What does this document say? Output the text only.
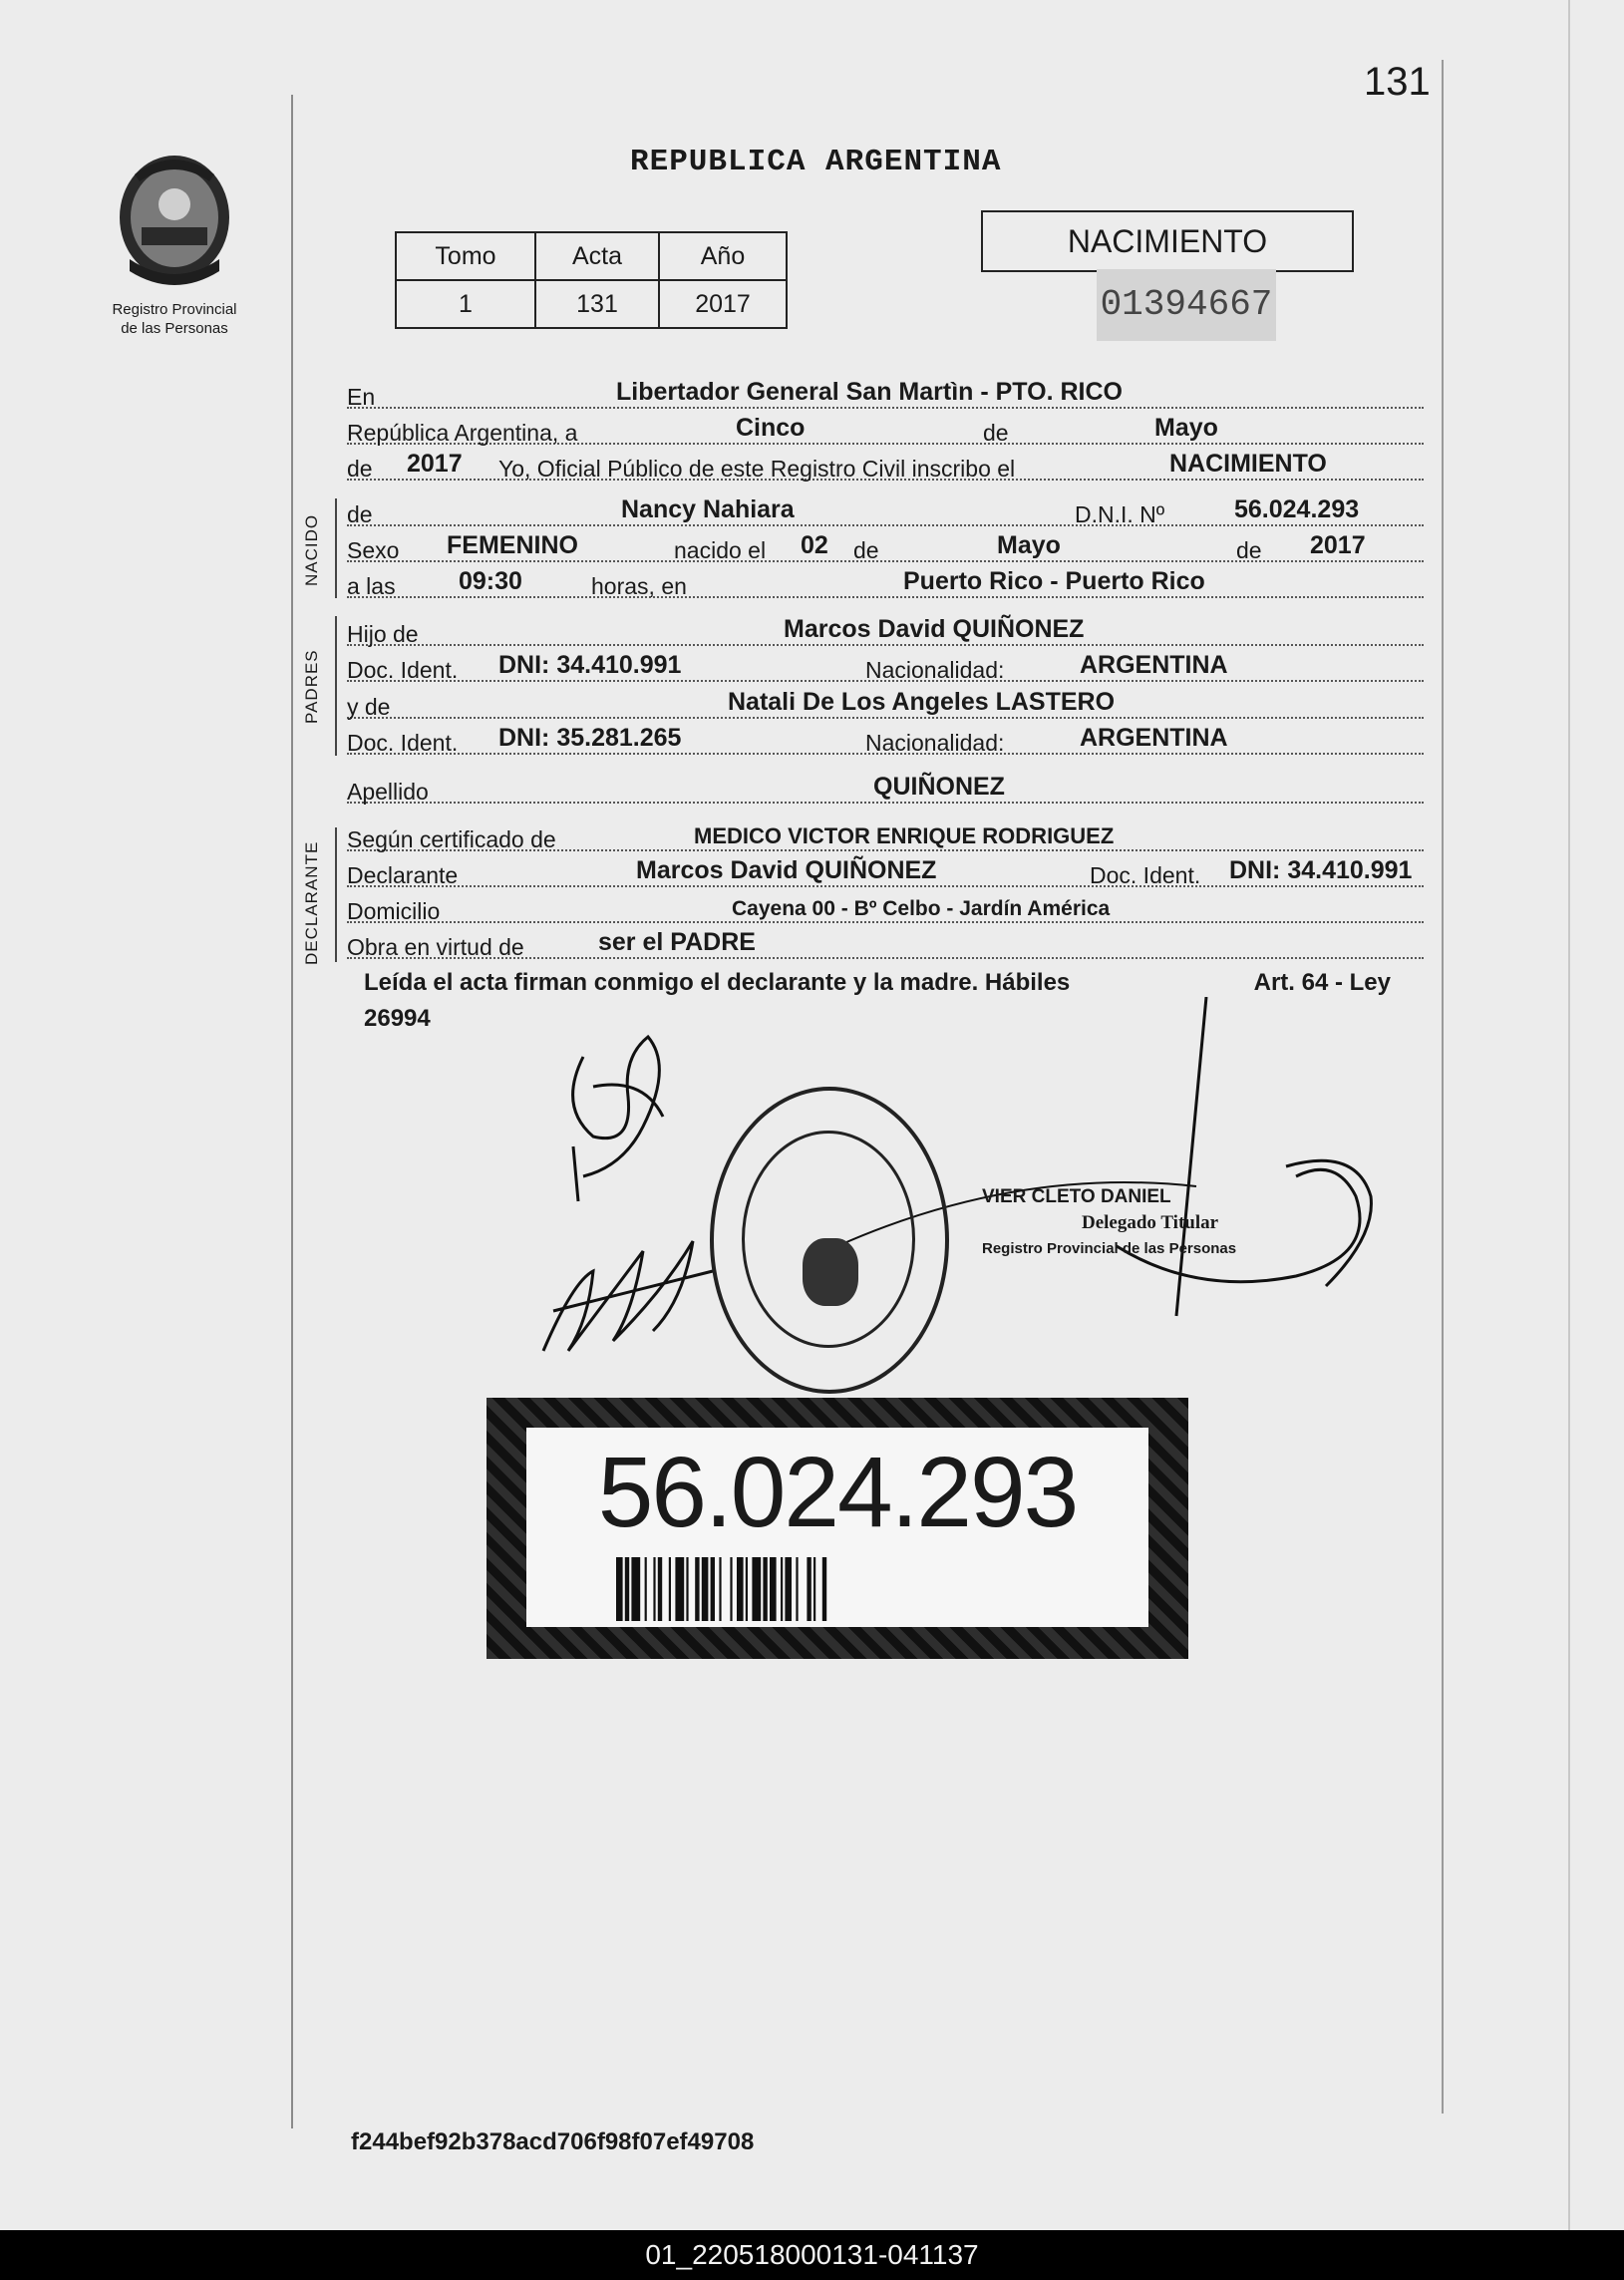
131
Registro Provincial
de las Personas
REPUBLICA ARGENTINA
Tomo	Acta	Año
1	131	2017
NACIMIENTO
01394667
En	Libertador General San Martìn - PTO. RICO
República Argentina, a	Cinco	de	Mayo
de 2017 Yo, Oficial Público de este Registro Civil inscribo el	NACIMIENTO
de	Nancy Nahiara	D.N.I. Nº	56.024.293
Sexo FEMENINO	nacido el 02 de	Mayo	de 2017
a las	09:30	horas, en	Puerto Rico - Puerto Rico
Hijo de	Marcos David QUIÑONEZ
Doc. Ident. DNI: 34.410.991	Nacionalidad:	ARGENTINA
y de	Natali De Los Angeles LASTERO
Doc. Ident. DNI: 35.281.265	Nacionalidad:	ARGENTINA
Apellido	QUIÑONEZ
Según certificado de	MEDICO VICTOR ENRIQUE RODRIGUEZ
Declarante	Marcos David QUIÑONEZ	Doc. Ident. DNI: 34.410.991
Domicilio	Cayena 00 - Bº Celbo - Jardín América
Obra en virtud de	ser el PADRE
NACIDO
PADRES
DECLARANTE
Leída el acta firman conmigo el declarante y la madre. Hábiles	Art. 64 - Ley
26994
VIER CLETO DANIEL
Delegado Titular
Registro Provincial de las Personas
56.024.293
f244bef92b378acd706f98f07ef49708
01_220518000131-041137
